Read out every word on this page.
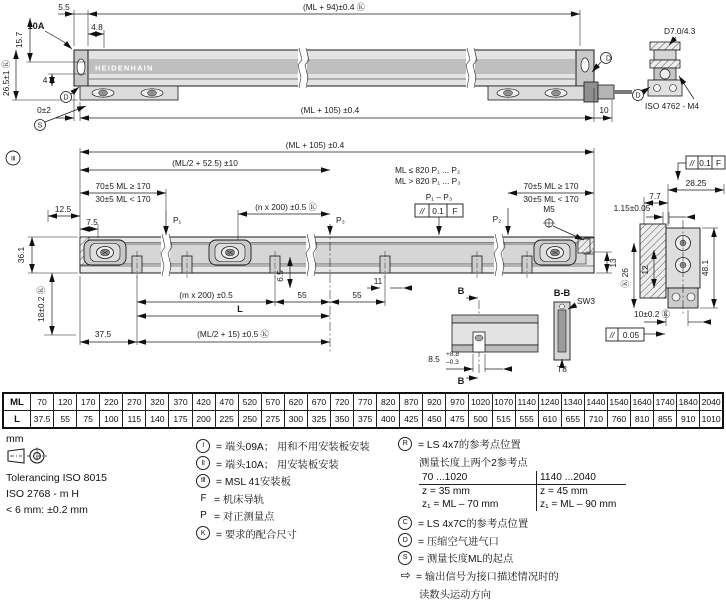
HEIDENHAIN
5.5	(ML + 94)±0.4 Ⓚ
10A	4.8
15.7
4
26.5±1 Ⓚ
D
S
0±2	(ML + 105) ±0.4	10
D
D7.0/4.3
D
ISO 4762 - M4
III
(ML + 105) ±0.4
(ML/2 + 52.5) ±10
70±5 ML ≥ 170
30±5 ML < 170
P₁
12.5
7.5
(n x 200) ±0.5 Ⓚ
P₃
ML ≤ 820 P₁ ... P₂
ML > 820 P₁ ... P₃
P₁ – P₃
// 0.1 F
P₂
70±5 ML ≥ 170
30±5 ML < 170
M5
36.1
18±0.2 Ⓚ
6.5	11
(m x 200) ±0.5	55	55
L
37.5	(ML/2 + 15) ±0.5 Ⓚ
13
B
8.5 +8.8
–0.3
B
B-B
SW3
T8
// 0.1 F
28.25
7.7
1.15±0.05
12
Ⓚ 26
48.1
10±0.2 Ⓚ
// 0.05
ML	70	120	170	220	270	320	370	420	470	520	570	620	670	720	770	820	870	920	970	1020	1070	1140	1240	1340	1440	1540	1640	1740	1840	2040
L	37.5	55	75	100	115	140	175	200	225	250	275	300	325	350	375	400	425	450	475	500	515	555	610	655	710	760	810	855	910	1010
mm
Tolerancing ISO 8015
ISO 2768 - m H
< 6 mm: ±0.2 mm
I	= 端头09A； 用和不用安装板安装
II	= 端头10A； 用安装板安装
III	= MSL 41安装板
F = 机床导轨
P = 对正测量点
K	= 要求的配合尺寸
R	= LS 4x7的参考点位置
测量长度上两个2参考点
70 ...1020	1140 ...2040
z = 35 mm	z = 45 mm
z₁ = ML – 70 mm	z₁ = ML – 90 mm
C	= LS 4x7C的参考点位置
D	= 压缩空气进气口
S	= 测量长度ML的起点
⇨ = 输出信号为接口描述情况时的
读数头运动方向
